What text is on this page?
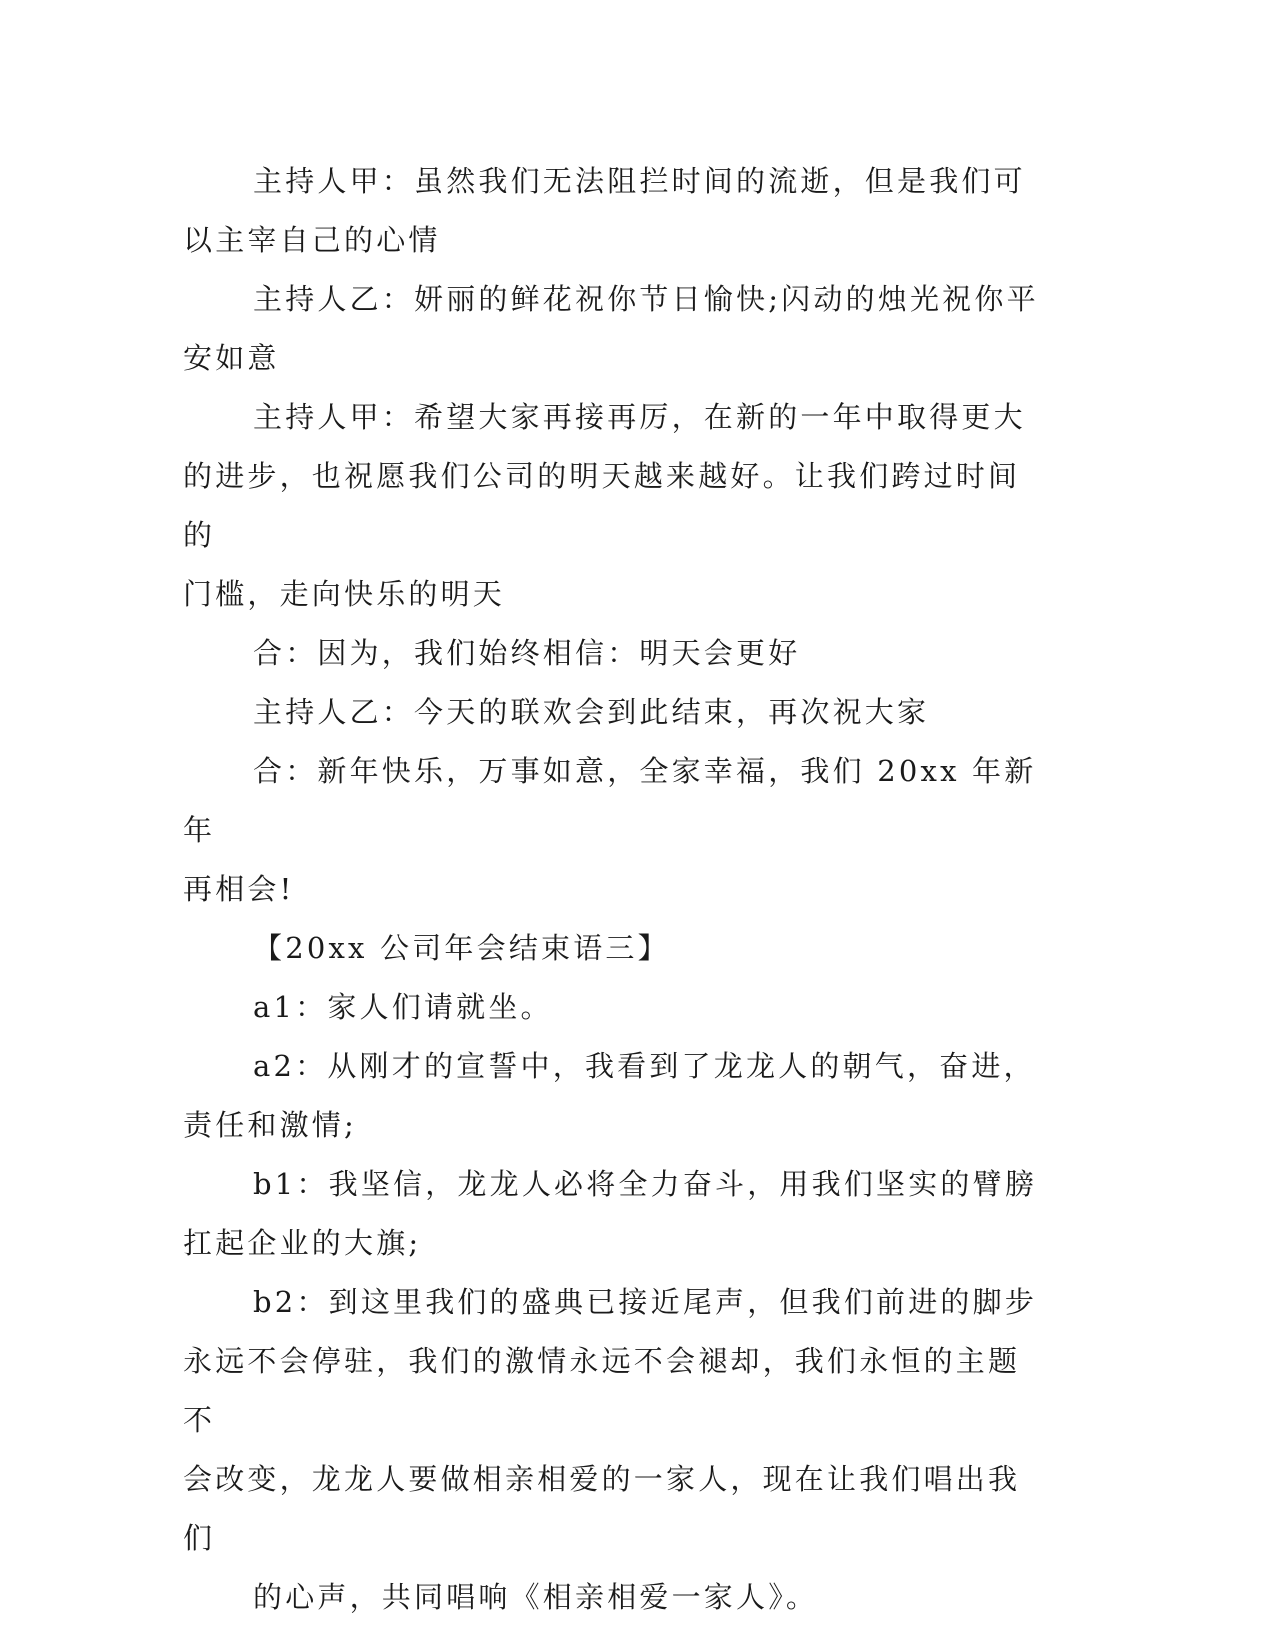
主持人甲：虽然我们无法阻拦时间的流逝，但是我们可
以主宰自己的心情

主持人乙：妍丽的鲜花祝你节日愉快;闪动的烛光祝你平
安如意

主持人甲：希望大家再接再厉，在新的一年中取得更大
的进步，也祝愿我们公司的明天越来越好。让我们跨过时间的
门槛，走向快乐的明天

合：因为，我们始终相信：明天会更好

主持人乙：今天的联欢会到此结束，再次祝大家

合：新年快乐，万事如意，全家幸福，我们 20xx 年新年
再相会!

【20xx 公司年会结束语三】

a1：家人们请就坐。

a2：从刚才的宣誓中，我看到了龙龙人的朝气，奋进，
责任和激情;

b1：我坚信，龙龙人必将全力奋斗，用我们坚实的臂膀
扛起企业的大旗;

b2：到这里我们的盛典已接近尾声，但我们前进的脚步
永远不会停驻，我们的激情永远不会褪却，我们永恒的主题不
会改变，龙龙人要做相亲相爱的一家人，现在让我们唱出我们

的心声，共同唱响《相亲相爱一家人》。
